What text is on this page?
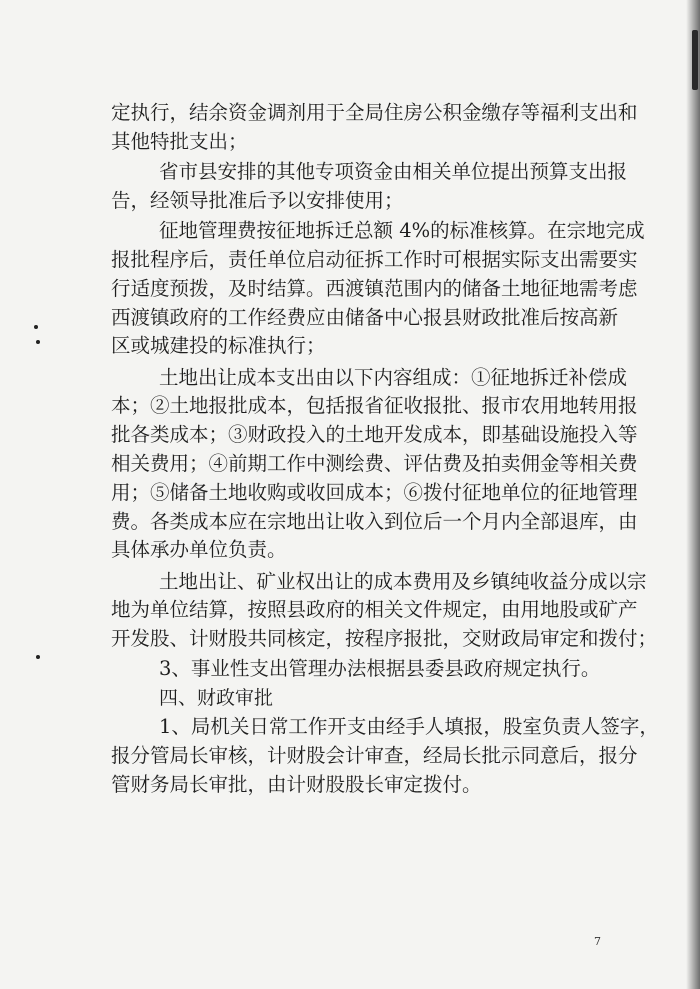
定执行，结余资金调剂用于全局住房公积金缴存等福利支出和
其他特批支出；
省市县安排的其他专项资金由相关单位提出预算支出报
告，经领导批准后予以安排使用；
征地管理费按征地拆迁总额 4%的标准核算。在宗地完成
报批程序后，责任单位启动征拆工作时可根据实际支出需要实
行适度预拨，及时结算。西渡镇范围内的储备土地征地需考虑
西渡镇政府的工作经费应由储备中心报县财政批准后按高新
区或城建投的标准执行；
土地出让成本支出由以下内容组成：①征地拆迁补偿成
本；②土地报批成本，包括报省征收报批、报市农用地转用报
批各类成本；③财政投入的土地开发成本，即基础设施投入等
相关费用；④前期工作中测绘费、评估费及拍卖佣金等相关费
用；⑤储备土地收购或收回成本；⑥拨付征地单位的征地管理
费。各类成本应在宗地出让收入到位后一个月内全部退库，由
具体承办单位负责。
土地出让、矿业权出让的成本费用及乡镇纯收益分成以宗
地为单位结算，按照县政府的相关文件规定，由用地股或矿产
开发股、计财股共同核定，按程序报批，交财政局审定和拨付；
3、事业性支出管理办法根据县委县政府规定执行。
四、财政审批
1、局机关日常工作开支由经手人填报，股室负责人签字，
报分管局长审核，计财股会计审查，经局长批示同意后，报分
管财务局长审批，由计财股股长审定拨付。
7
